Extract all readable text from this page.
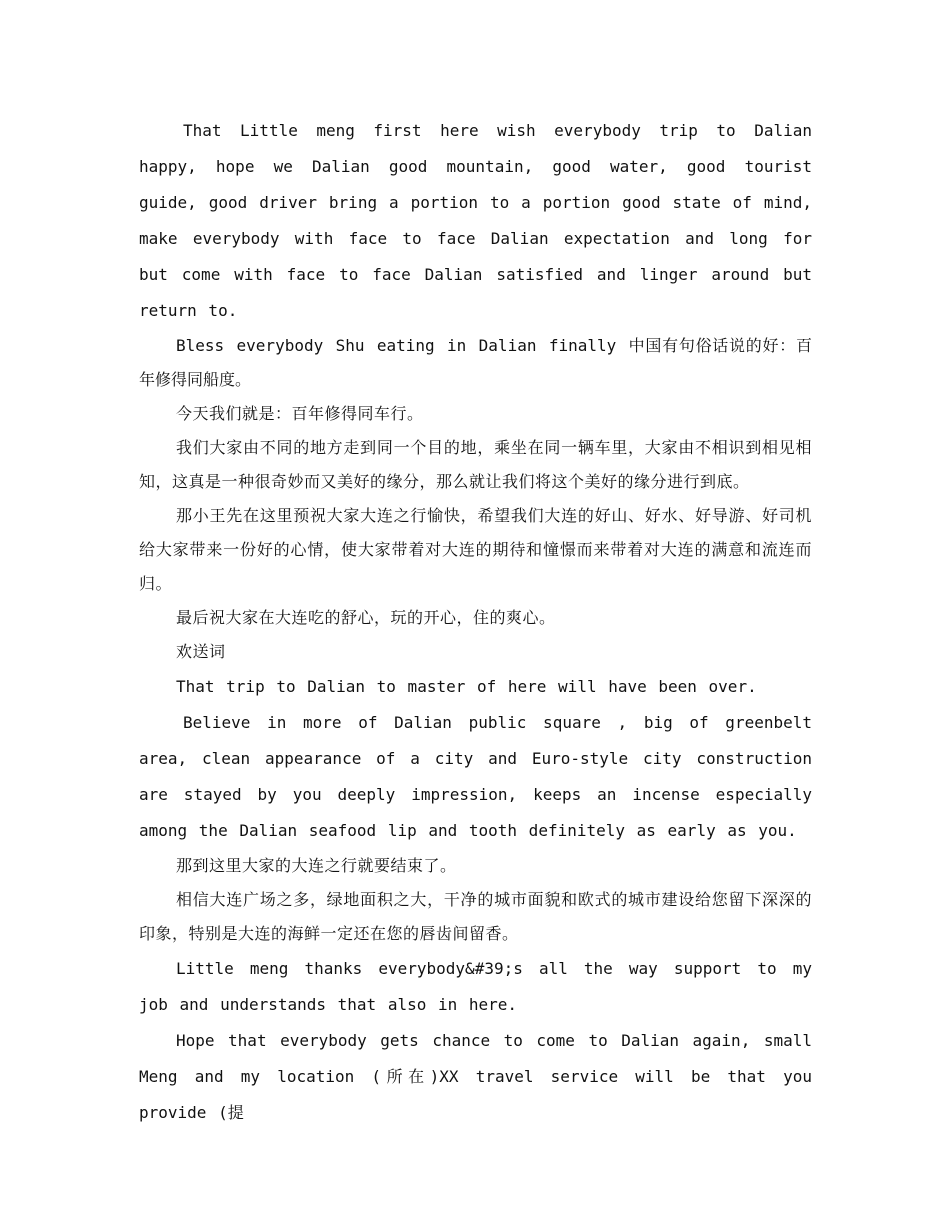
That Little meng first here wish everybody trip to Dalian happy, hope we Dalian good mountain, good water, good tourist guide, good driver bring a portion to a portion good state of mind, make everybody with face to face Dalian expectation and long for but come with face to face Dalian satisfied and linger around but return to.

Bless everybody Shu eating in Dalian finally 中国有句俗话说的好：百年修得同船度。

今天我们就是：百年修得同车行。

我们大家由不同的地方走到同一个目的地，乘坐在同一辆车里，大家由不相识到相见相知，这真是一种很奇妙而又美好的缘分，那么就让我们将这个美好的缘分进行到底。

那小王先在这里预祝大家大连之行愉快，希望我们大连的好山、好水、好导游、好司机给大家带来一份好的心情，使大家带着对大连的期待和憧憬而来带着对大连的满意和流连而归。

最后祝大家在大连吃的舒心，玩的开心，住的爽心。

欢送词

That trip to Dalian to master of here will have been over.

Believe in more of Dalian public square , big of greenbelt area, clean appearance of a city and Euro-style city construction are stayed by you deeply impression, keeps an incense especially among the Dalian seafood lip and tooth definitely as early as you.

那到这里大家的大连之行就要结束了。

相信大连广场之多，绿地面积之大，干净的城市面貌和欧式的城市建设给您留下深深的印象，特别是大连的海鲜一定还在您的唇齿间留香。

Little meng thanks everybody&#39;s all the way support to my job and understands that also in here.

Hope that everybody gets chance to come to Dalian again, small Meng and my location (所在)XX travel service will be that you provide (提
